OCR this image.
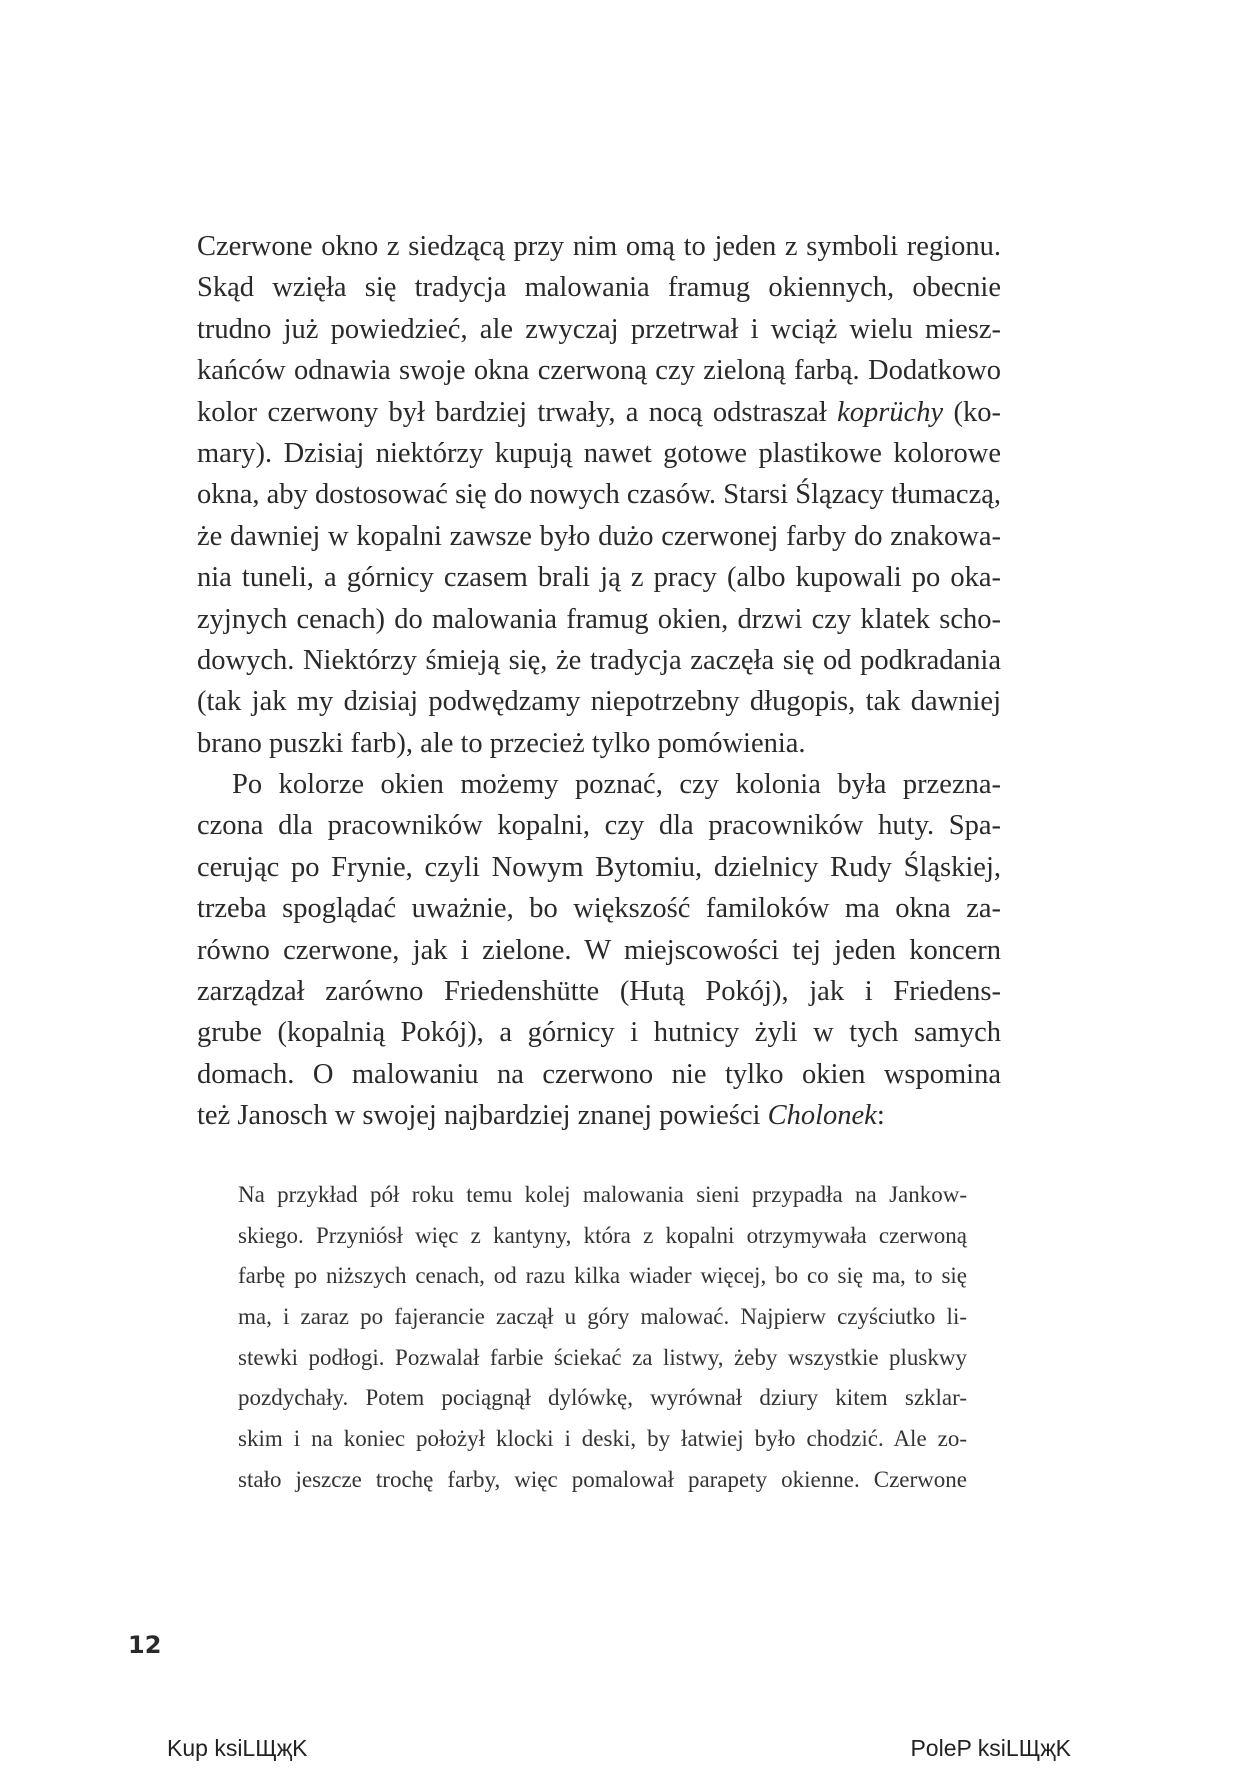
Czerwone okno z siedzącą przy nim omą to jeden z symboli regionu.
Skąd wzięła się tradycja malowania framug okiennych, obecnie
trudno już powiedzieć, ale zwyczaj przetrwał i wciąż wielu miesz-
kańców odnawia swoje okna czerwoną czy zieloną farbą. Dodatkowo
kolor czerwony był bardziej trwały, a nocą odstraszał koprüchy (ko-
mary). Dzisiaj niektórzy kupują nawet gotowe plastikowe kolorowe
okna, aby dostosować się do nowych czasów. Starsi Ślązacy tłumaczą,
że dawniej w kopalni zawsze było dużo czerwonej farby do znakowa-
nia tuneli, a górnicy czasem brali ją z pracy (albo kupowali po oka-
zyjnych cenach) do malowania framug okien, drzwi czy klatek scho-
dowych. Niektórzy śmieją się, że tradycja zaczęła się od podkradania
(tak jak my dzisiaj podwędzamy niepotrzebny długopis, tak dawniej
brano puszki farb), ale to przecież tylko pomówienia.
Po kolorze okien możemy poznać, czy kolonia była przezna-
czona dla pracowników kopalni, czy dla pracowników huty. Spa-
cerując po Frynie, czyli Nowym Bytomiu, dzielnicy Rudy Śląskiej,
trzeba spoglądać uważnie, bo większość familoków ma okna za-
równo czerwone, jak i zielone. W miejscowości tej jeden koncern
zarządzał zarówno Friedenshütte (Hutą Pokój), jak i Friedens-
grube (kopalnią Pokój), a górnicy i hutnicy żyli w tych samych
domach. O malowaniu na czerwono nie tylko okien wspomina
też Janosch w swojej najbardziej znanej powieści Cholonek:
Na przykład pół roku temu kolej malowania sieni przypadła na Jankow-
skiego. Przyniósł więc z kantyny, która z kopalni otrzymywała czerwoną
farbę po niższych cenach, od razu kilka wiader więcej, bo co się ma, to się
ma, i zaraz po fajerancie zaczął u góry malować. Najpierw czyściutko li-
stewki podłogi. Pozwalał farbie ściekać za listwy, żeby wszystkie pluskwy
pozdychały. Potem pociągnął dylówkę, wyrównał dziury kitem szklar-
skim i na koniec położył klocki i deski, by łatwiej było chodzić. Ale zo-
stało jeszcze trochę farby, więc pomalował parapety okienne. Czerwone
12
Kup ksiLЩҗK	PoleP ksiLЩҗK
